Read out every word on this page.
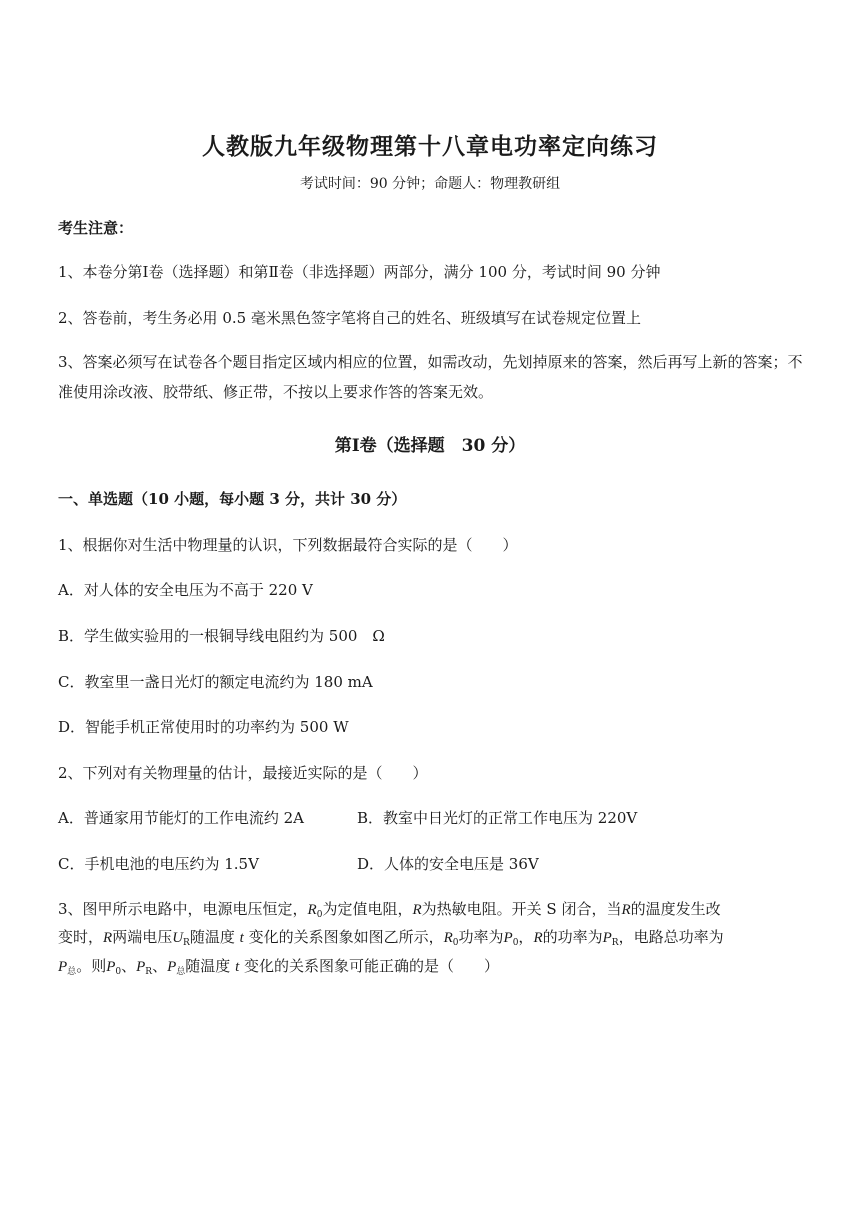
人教版九年级物理第十八章电功率定向练习
考试时间：90 分钟；命题人：物理教研组
考生注意：
1、本卷分第Ⅰ卷（选择题）和第Ⅱ卷（非选择题）两部分，满分 100 分，考试时间 90 分钟
2、答卷前，考生务必用 0.5 毫米黑色签字笔将自己的姓名、班级填写在试卷规定位置上
3、答案必须写在试卷各个题目指定区域内相应的位置，如需改动，先划掉原来的答案，然后再写上新的答案；不准使用涂改液、胶带纸、修正带，不按以上要求作答的答案无效。
第Ⅰ卷（选择题　30 分）
一、单选题（10 小题，每小题 3 分，共计 30 分）
1、根据你对生活中物理量的认识，下列数据最符合实际的是（　　）
A．对人体的安全电压为不高于 220 V
B．学生做实验用的一根铜导线电阻约为 500　Ω
C．教室里一盏日光灯的额定电流约为 180 mA
D．智能手机正常使用时的功率约为 500 W
2、下列对有关物理量的估计，最接近实际的是（　　）
A．普通家用节能灯的工作电流约 2A	B．教室中日光灯的正常工作电压为 220V
C．手机电池的电压约为 1.5V	D．人体的安全电压是 36V
3、图甲所示电路中，电源电压恒定，$R_0$为定值电阻，R为热敏电阻。开关 S 闭合，当R的温度发生改
变时，R两端电压$U_R$随温度 t 变化的关系图象如图乙所示，$R_0$功率为$P_0$，R的功率为$P_R$，电路总功率为
$P_总$。则$P_0$、$P_R$、$P_总$随温度 t 变化的关系图象可能正确的是（　　）
